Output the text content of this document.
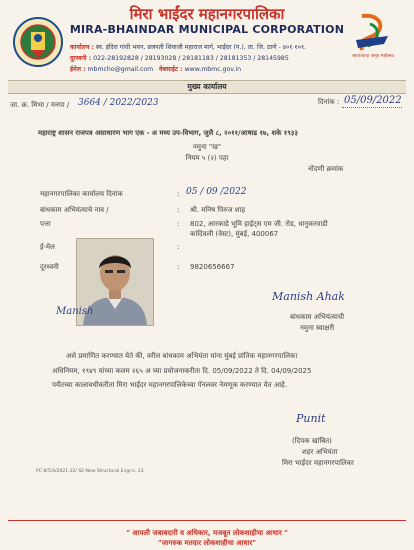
मिरा भाईंदर महानगरपालिका
MIRA-BHAINDAR MUNICIPAL CORPORATION
कार्यालय : स्व. इंदिरा गांधी भवन, छत्रपती शिवाजी महाराज मार्ग, भाईंदर (प.), ता. जि. ठाणे - ४०१ १०१.
दूरध्वनी : 022-28192828 / 28193028 / 28181183 / 28181353 / 28145985
ईमेल : mbmcho@gmail.com वेबसाईट : www.mbmc.gov.in
स्वातंत्र्याचा अमृत महोत्सव
मुख्य कार्यालय
जा. क्र. मिभा / मनपा / 3664 / 2022/2023	दिनांक : 05/09/2022
महाराष्ट्र शासन राजपत्र असाधारण भाग एक - अ मध्य उप-विभाग, जुलै ८, २०११/आषाढ १७, शके १९३३
नमुना "ख"
नियम ५ (२) पहा
नोंदणी क्रमांक
महानगरपालिका कार्यालय दिनांक	: 05 / 09 /2022
बांधकाम अभियंत्याचे नाव /	: श्री. मनिष पिरुज शाह
पत्ता	: 802, आरकाडे भूमि हाईट्स एम जी. रोड, धानुकरवाडी
कांदिवली (वेस्ट), मुंबई, 400067
ई-मेल	:
दूरध्वनी	: 9820656667
Manish
Manish Ahak
बांधकाम अभियंत्याची
नमुना स्वाक्षरी
असे प्रमाणित करण्यात येते की, वरील बांधकाम अभियंता यांना मुंबई प्रांतिक महानगरपालिका
अधिनियम, १९४९ यांच्या कलम २६५ अ च्या प्रयोजनाकरीता दि. 05/09/2022 ते दि. 04/09/2025
पर्यंतच्या कालावधीकरीता मिरा भाईंदर महानगरपालिकेच्या पॅनलवर नेमणूक करण्यात येत आहे.
Punit
(दिपक खांबित)
शहर अभियंता
मिरा भाईंदर महानगरपालिका
PC-8/5/4/2021-22/ SE-New Structural Engr-L- 23
" आपली जबाबदारी व अधिकार, मजबूत लोकशाहीचा आधार "
"जागरुक मतदार लोकशाहीचा आधार"
